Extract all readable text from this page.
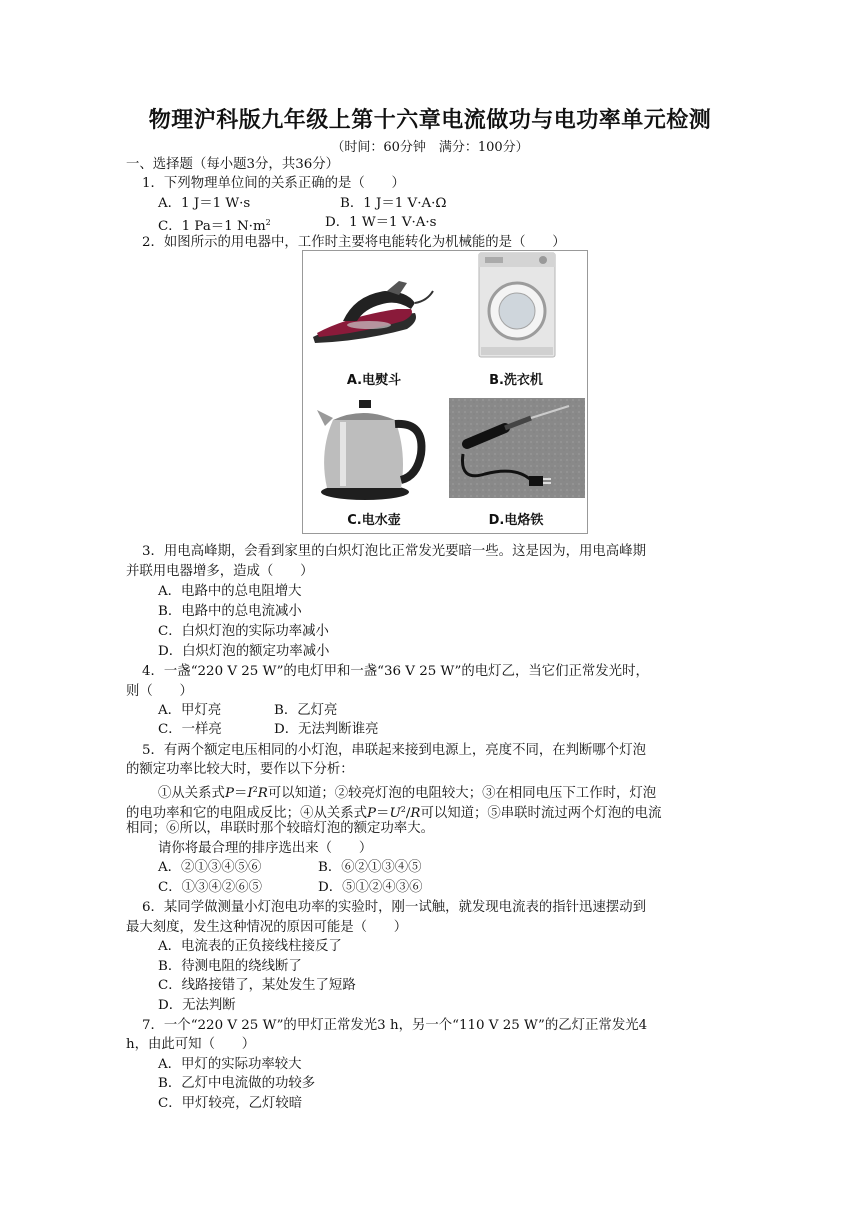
物理沪科版九年级上第十六章电流做功与电功率单元检测
（时间：60分钟　满分：100分）
一、选择题（每小题3分，共36分）
1．下列物理单位间的关系正确的是（　　）
A．1 J＝1 W·s	B．1 J＝1 V·A·Ω
C．1 Pa＝1 $N\cdot m^2$	D．1 W＝1 V·A·s
2．如图所示的用电器中，工作时主要将电能转化为机械能的是（　　）
A.电熨斗	B.洗衣机
C.电水壶	D.电烙铁
3．用电高峰期，会看到家里的白炽灯泡比正常发光要暗一些。这是因为，用电高峰期
并联用电器增多，造成（　　）
A．电路中的总电阻增大
B．电路中的总电流减小
C．白炽灯泡的实际功率减小
D．白炽灯泡的额定功率减小
4．一盏“220 V 25 W”的电灯甲和一盏“36 V 25 W”的电灯乙，当它们正常发光时，
则（　　）
A．甲灯亮	B．乙灯亮
C．一样亮	D．无法判断谁亮
5．有两个额定电压相同的小灯泡，串联起来接到电源上，亮度不同，在判断哪个灯泡
的额定功率比较大时，要作以下分析：
①从关系式$P=I^2R$可以知道；②较亮灯泡的电阻较大；③在相同电压下工作时，灯泡
的电功率和它的电阻成反比；④从关系式$P=U^2/R$可以知道；⑤串联时流过两个灯泡的电流
相同；⑥所以，串联时那个较暗灯泡的额定功率大。
请你将最合理的排序选出来（　　）
A．②①③④⑤⑥	B．⑥②①③④⑤
C．①③④②⑥⑤	D．⑤①②④③⑥
6．某同学做测量小灯泡电功率的实验时，刚一试触，就发现电流表的指针迅速摆动到
最大刻度，发生这种情况的原因可能是（　　）
A．电流表的正负接线柱接反了
B．待测电阻的绕线断了
C．线路接错了，某处发生了短路
D．无法判断
7．一个“220 V 25 W”的甲灯正常发光3 h，另一个“110 V 25 W”的乙灯正常发光4
h，由此可知（　　）
A．甲灯的实际功率较大
B．乙灯中电流做的功较多
C．甲灯较亮，乙灯较暗
